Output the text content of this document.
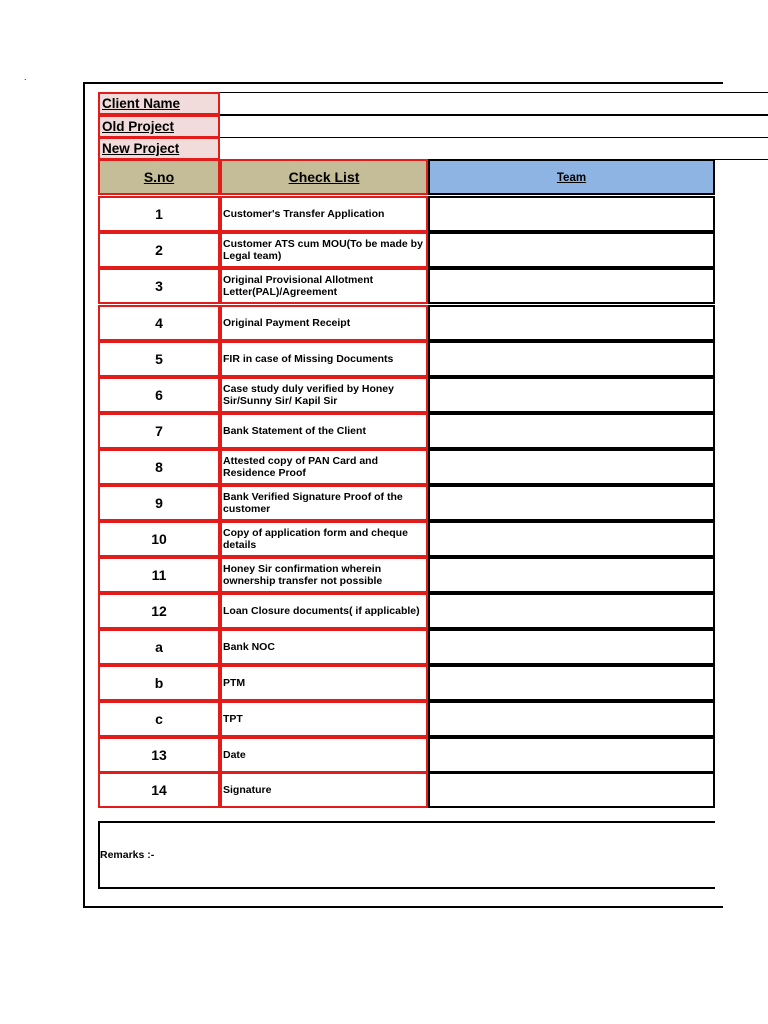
.
Client Name
Old Project
New Project
S.no	Check List	Team
1	Customer's Transfer Application
2	Customer ATS cum MOU(To be made by Legal team)
3	Original Provisional Allotment Letter(PAL)/Agreement
4	Original Payment Receipt
5	FIR in case of Missing Documents
6	Case study duly verified by Honey Sir/Sunny Sir/ Kapil Sir
7	Bank Statement of the Client
8	Attested copy of PAN Card and Residence Proof
9	Bank Verified Signature Proof of the customer
10	Copy of application form and cheque details
11	Honey Sir confirmation wherein ownership transfer not possible
12	Loan Closure documents( if applicable)
a	Bank NOC
b	PTM
c	TPT
13	Date
14	Signature
Remarks :-
